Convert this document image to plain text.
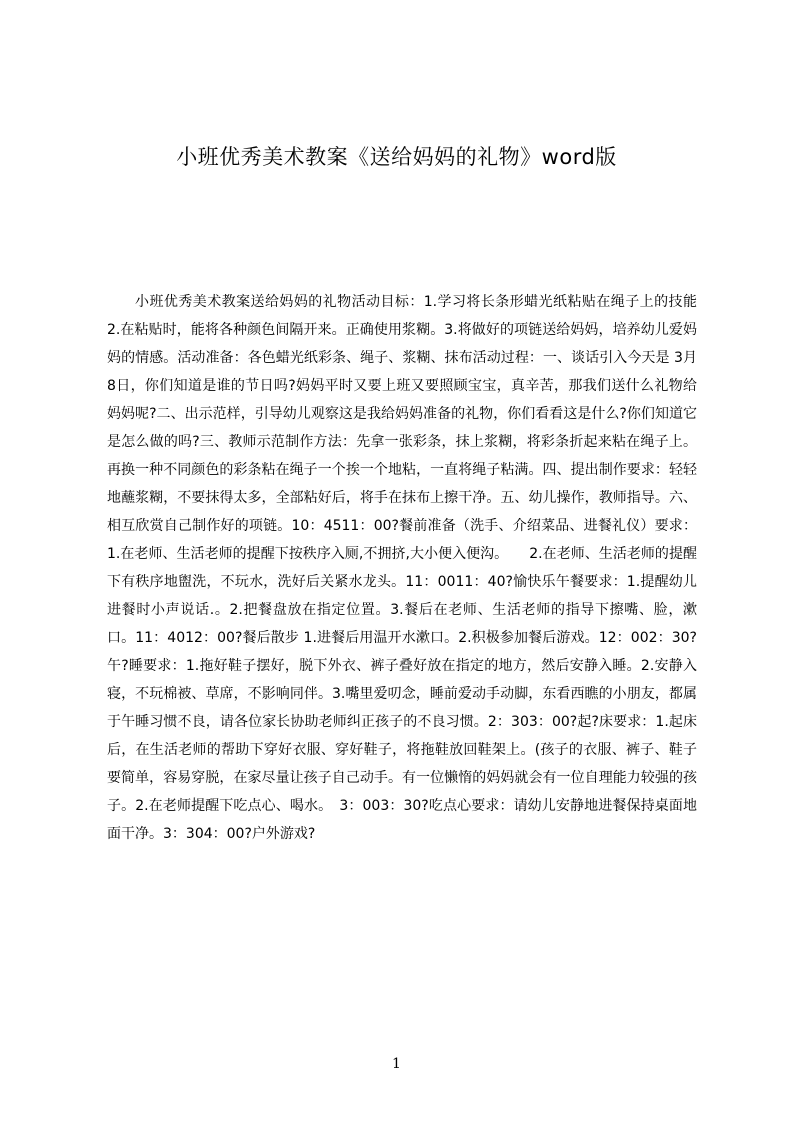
小班优秀美术教案《送给妈妈的礼物》word版

小班优秀美术教案送给妈妈的礼物活动目标：1.学习将长条形蜡光纸粘贴在绳子上的技能 2.在粘贴时，能将各种颜色间隔开来。正确使用浆糊。3.将做好的项链送给妈妈，培养幼儿爱妈妈的情感。活动准备：各色蜡光纸彩条、绳子、浆糊、抹布活动过程：一、谈话引入今天是 3月8日，你们知道是谁的节日吗?妈妈平时又要上班又要照顾宝宝，真辛苦，那我们送什么礼物给妈妈呢?二、出示范样，引导幼儿观察这是我给妈妈准备的礼物，你们看看这是什么?你们知道它是怎么做的吗?三、教师示范制作方法：先拿一张彩条，抹上浆糊，将彩条折起来粘在绳子上。再换一种不同颜色的彩条粘在绳子一个挨一个地粘，一直将绳子粘满。四、提出制作要求：轻轻地蘸浆糊，不要抹得太多，全部粘好后，将手在抹布上擦干净。五、幼儿操作，教师指导。六、相互欣赏自己制作好的项链。10：4511：00?餐前准备（洗手、介绍菜品、进餐礼仪）要求：1.在老师、生活老师的提醒下按秩序入厕,不拥挤,大小便入便沟。　　2.在老师、生活老师的提醒下有秩序地盥洗，不玩水，洗好后关紧水龙头。11：0011：40?愉快乐午餐要求：1.提醒幼儿进餐时小声说话.。2.把餐盘放在指定位置。3.餐后在老师、生活老师的指导下擦嘴、脸，漱口。11：4012：00?餐后散步 1.进餐后用温开水漱口。2.积极参加餐后游戏。12：002：30?午?睡要求：1.拖好鞋子摆好，脱下外衣、裤子叠好放在指定的地方，然后安静入睡。2.安静入寝，不玩棉被、草席，不影响同伴。3.嘴里爱叨念，睡前爱动手动脚，东看西瞧的小朋友，都属于午睡习惯不良，请各位家长协助老师纠正孩子的不良习惯。2：303：00?起?床要求：1.起床后，在生活老师的帮助下穿好衣服、穿好鞋子，将拖鞋放回鞋架上。(孩子的衣服、裤子、鞋子要简单，容易穿脱，在家尽量让孩子自己动手。有一位懒惰的妈妈就会有一位自理能力较强的孩子。2.在老师提醒下吃点心、喝水。　3：003：30?吃点心要求：请幼儿安静地进餐保持桌面地面干净。3：304：00?户外游戏?

1
